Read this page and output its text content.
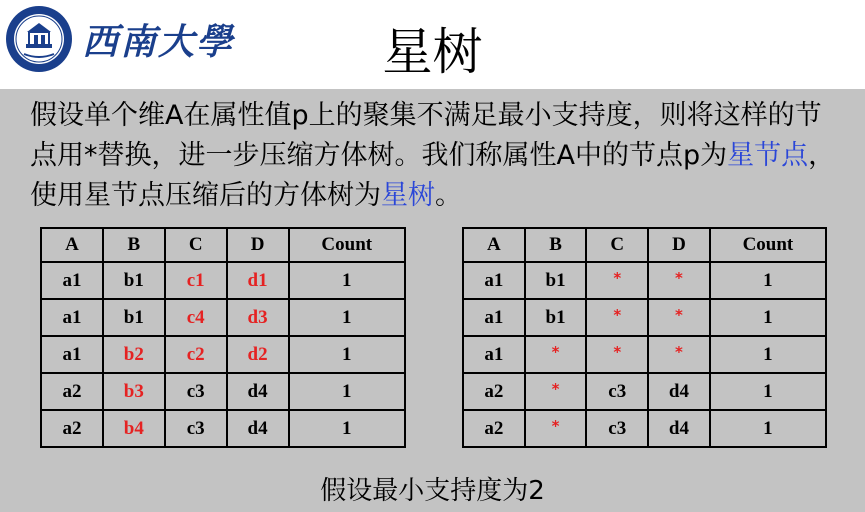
西南大學	星树
假设单个维A在属性值p上的聚集不满足最小支持度，则将这样的节点用*替换，进一步压缩方体树。我们称属性A中的节点p为星节点，使用星节点压缩后的方体树为星树。
A	B	C	D	Count
a1	b1	c1	d1	1
a1	b1	c4	d3	1
a1	b2	c2	d2	1
a2	b3	c3	d4	1
a2	b4	c3	d4	1
A	B	C	D	Count
a1	b1	*	*	1
a1	b1	*	*	1
a1	*	*	*	1
a2	*	c3	d4	1
a2	*	c3	d4	1
假设最小支持度为2
